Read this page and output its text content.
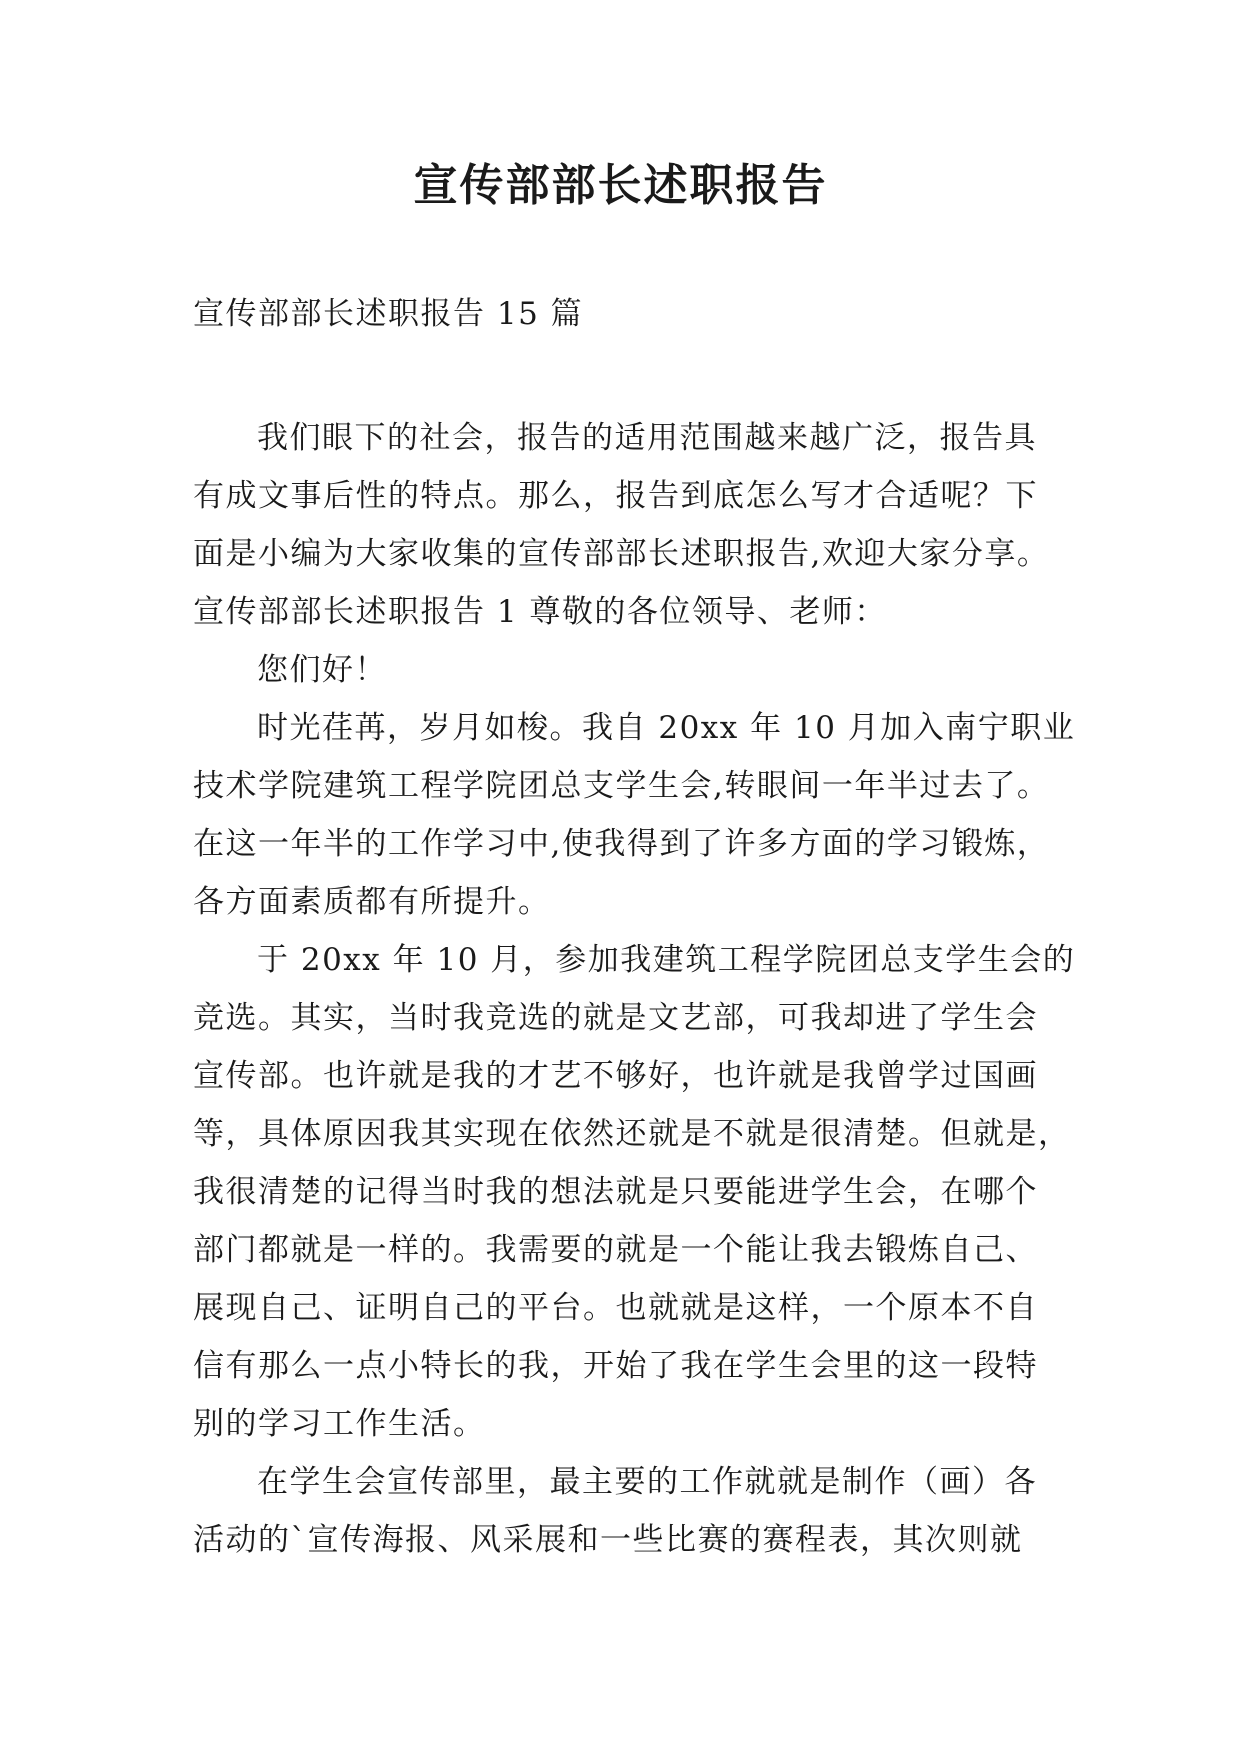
宣传部部长述职报告
宣传部部长述职报告 15 篇
我们眼下的社会，报告的适用范围越来越广泛，报告具
有成文事后性的特点。那么，报告到底怎么写才合适呢？下
面是小编为大家收集的宣传部部长述职报告,欢迎大家分享。
宣传部部长述职报告 1 尊敬的各位领导、老师：
您们好！
时光荏苒，岁月如梭。我自 20xx 年 10 月加入南宁职业
技术学院建筑工程学院团总支学生会,转眼间一年半过去了。
在这一年半的工作学习中,使我得到了许多方面的学习锻炼，
各方面素质都有所提升。
于 20xx 年 10 月，参加我建筑工程学院团总支学生会的
竞选。其实，当时我竞选的就是文艺部，可我却进了学生会
宣传部。也许就是我的才艺不够好，也许就是我曾学过国画
等，具体原因我其实现在依然还就是不就是很清楚。但就是，
我很清楚的记得当时我的想法就是只要能进学生会，在哪个
部门都就是一样的。我需要的就是一个能让我去锻炼自己、
展现自己、证明自己的平台。也就就是这样，一个原本不自
信有那么一点小特长的我，开始了我在学生会里的这一段特
别的学习工作生活。
在学生会宣传部里，最主要的工作就就是制作（画）各
活动的`宣传海报、风采展和一些比赛的赛程表，其次则就
